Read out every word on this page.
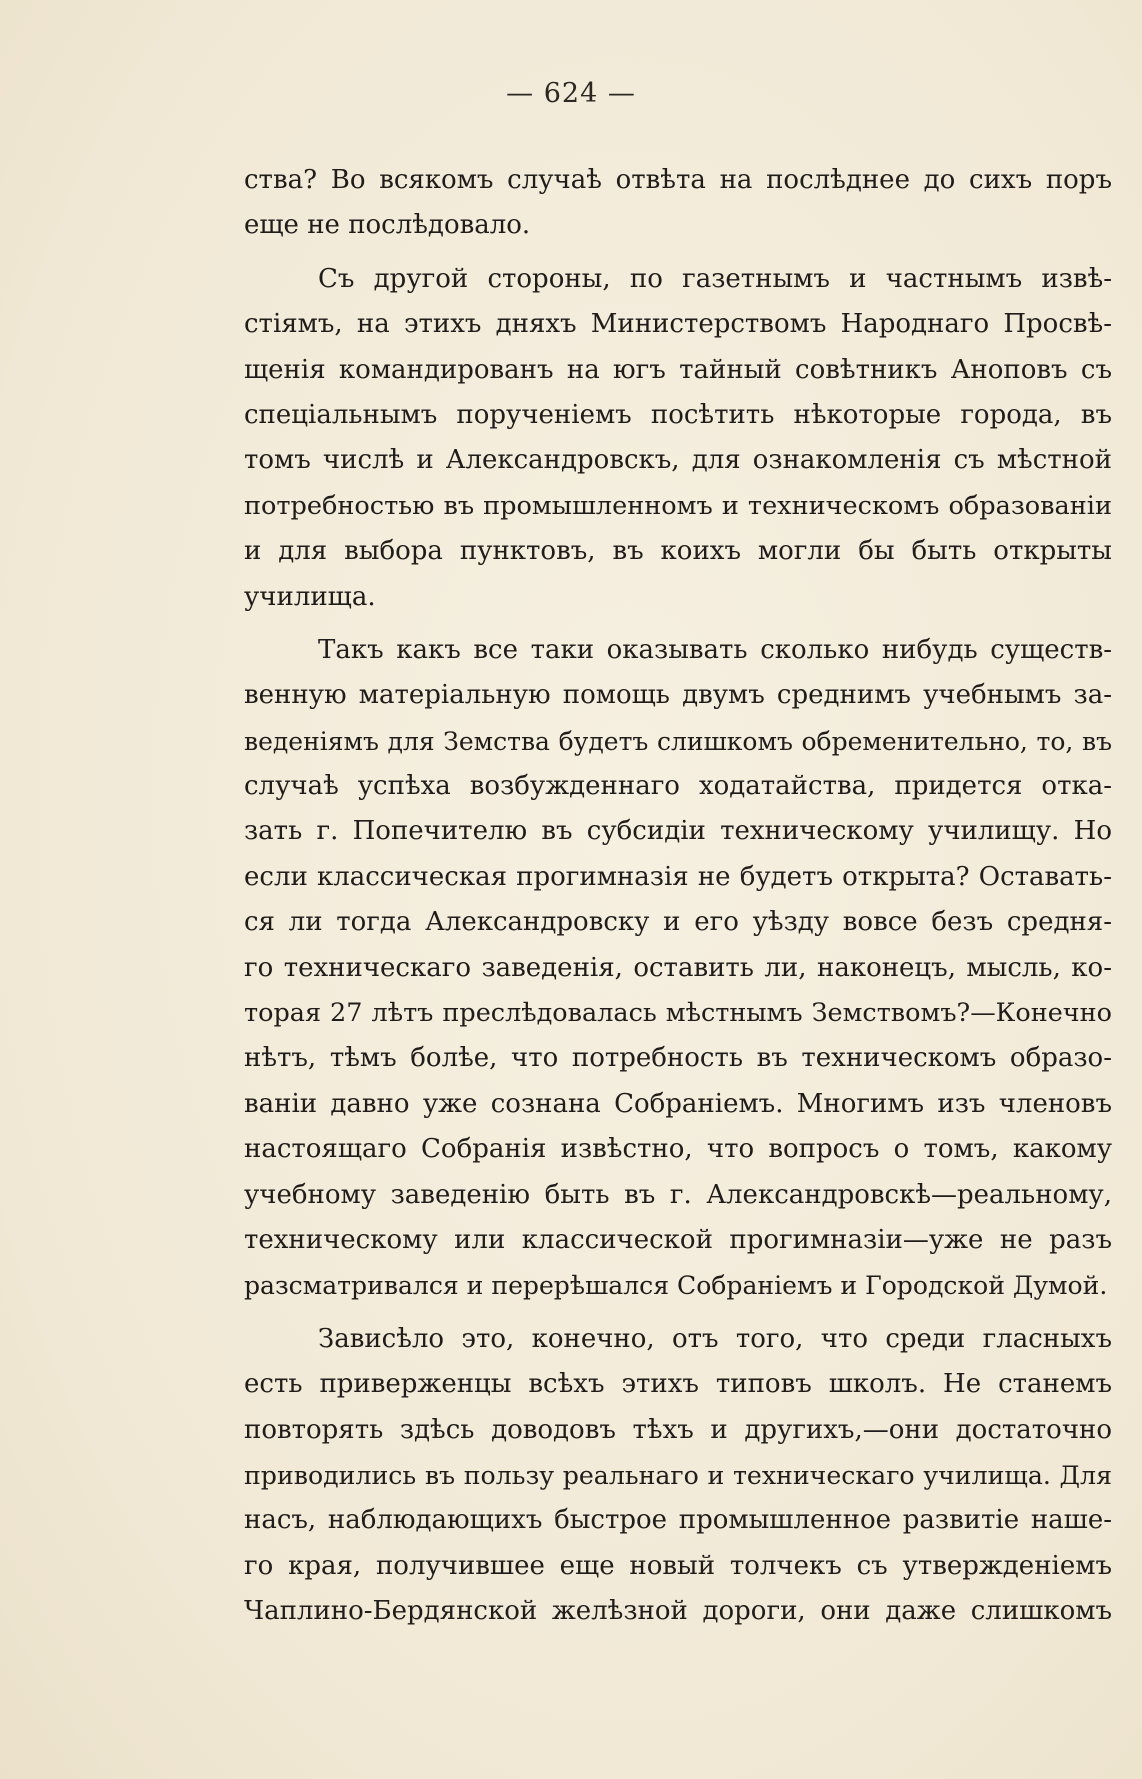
— 624 —
ства? Во всякомъ случаѣ отвѣта на послѣднее до сихъ поръ
еще не послѣдовало.
Съ другой стороны, по газетнымъ и частнымъ извѣ-
стіямъ, на этихъ дняхъ Министерствомъ Народнаго Просвѣ-
щенія командированъ на югъ тайный совѣтникъ Аноповъ съ
спеціальнымъ порученіемъ посѣтить нѣкоторые города, въ
томъ числѣ и Александровскъ, для ознакомленія съ мѣстной
потребностью въ промышленномъ и техническомъ образованіи
и для выбора пунктовъ, въ коихъ могли бы быть открыты
училища.
Такъ какъ все таки оказывать сколько нибудь существ-
венную матеріальную помощь двумъ среднимъ учебнымъ за-
веденіямъ для Земства будетъ слишкомъ обременительно, то, въ
случаѣ успѣха возбужденнаго ходатайства, придется отка-
зать г. Попечителю въ субсидіи техническому училищу. Но
если классическая прогимназія не будетъ открыта? Оставать-
ся ли тогда Александровску и его уѣзду вовсе безъ средня-
го техническаго заведенія, оставить ли, наконецъ, мысль, ко-
торая 27 лѣтъ преслѣдовалась мѣстнымъ Земствомъ?—Конечно
нѣтъ, тѣмъ болѣе, что потребность въ техническомъ образо-
ваніи давно уже сознана Собраніемъ. Многимъ изъ членовъ
настоящаго Собранія извѣстно, что вопросъ о томъ, какому
учебному заведенію быть въ г. Александровскѣ—реальному,
техническому или классической прогимназіи—уже не разъ
разсматривался и перерѣшался Собраніемъ и Городской Думой.
Зависѣло это, конечно, отъ того, что среди гласныхъ
есть приверженцы всѣхъ этихъ типовъ школъ. Не станемъ
повторять здѣсь доводовъ тѣхъ и другихъ,—они достаточно
приводились въ пользу реальнаго и техническаго училища. Для
насъ, наблюдающихъ быстрое промышленное развитіе наше-
го края, получившее еще новый толчекъ съ утвержденіемъ
Чаплино-Бердянской желѣзной дороги, они даже слишкомъ
